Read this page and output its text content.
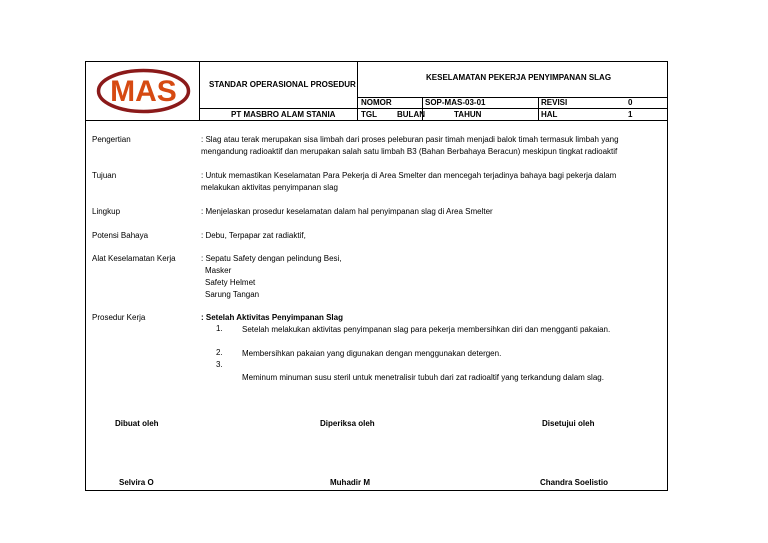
MAS	STANDAR OPERASIONAL PROSEDUR
KESELAMATAN PEKERJA PENYIMPANAN SLAG
PT MASBRO ALAM STANIA
NOMOR	SOP-MAS-03-01	REVISI	0
TGL	BULAN	TAHUN	HAL	1
Pengertian	: Slag atau terak merupakan sisa limbah dari proses peleburan pasir timah menjadi balok timah termasuk limbah yang
mengandung radioaktif dan merupakan salah satu limbah B3 (Bahan Berbahaya Beracun) meskipun tingkat radioaktif
Tujuan	: Untuk memastikan Keselamatan Para Pekerja di Area Smelter dan mencegah terjadinya bahaya bagi pekerja dalam
melakukan aktivitas penyimpanan slag
Lingkup	: Menjelaskan prosedur keselamatan dalam hal penyimpanan slag di Area Smelter
Potensi Bahaya	: Debu, Terpapar zat radiaktif,
Alat Keselamatan Kerja	: Sepatu Safety dengan pelindung Besi,
Masker
Safety Helmet
Sarung Tangan
Prosedur Kerja	: Setelah Aktivitas Penyimpanan Slag
1. Setelah melakukan aktivitas penyimpanan slag para pekerja membersihkan diri dan mengganti pakaian.
2. Membersihkan pakaian yang digunakan dengan menggunakan detergen.
3.
Meminum minuman susu steril untuk menetralisir tubuh dari zat radioaltif yang terkandung dalam slag.
Dibuat oleh	Diperiksa oleh	Disetujui oleh
Selvira O	Muhadir M	Chandra Soelistio
